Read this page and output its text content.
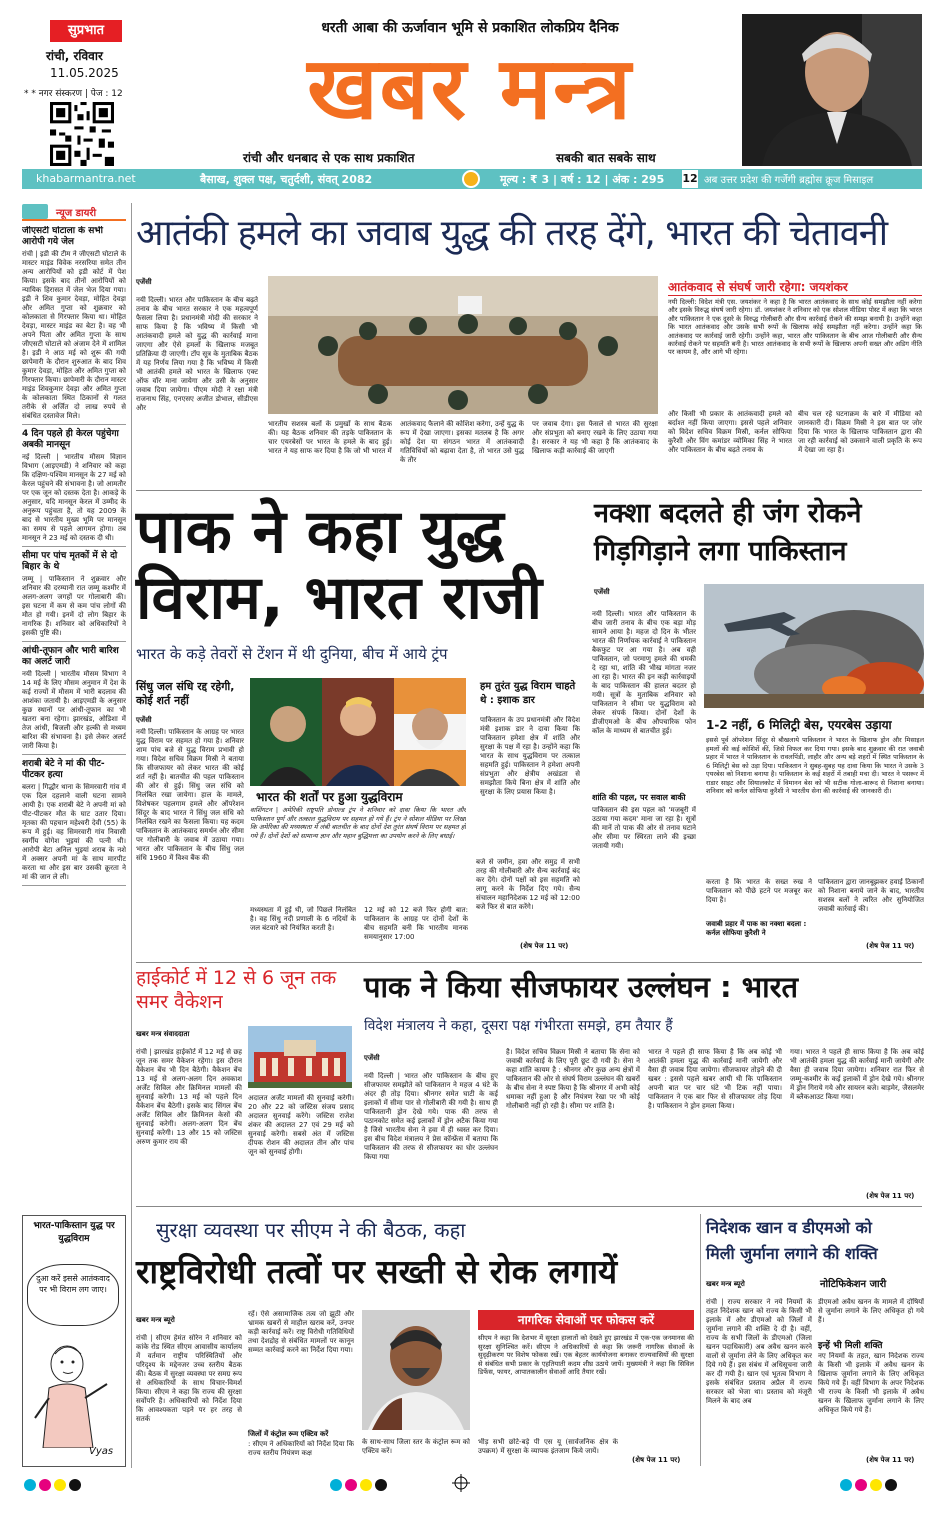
सुप्रभात
रांची, रविवार
11.05.2025
* * नगर संस्करण | पेज : 12
धरती आबा की ऊर्जावान भूमि से प्रकाशित लोकप्रिय दैनिक
खबर मन्त्र
रांची और धनबाद से एक साथ प्रकाशित	सबकी बात सबके साथ
khabarmantra.net	बैसाख, शुक्ल पक्ष, चतुर्दशी, संवत् 2082	मूल्य : ₹ 3 | वर्ष : 12 | अंक : 295 12 अब उत्तर प्रदेश की गर्जेगी ब्रह्मोस क्रूज मिसाइल
न्यूज डायरी
जीएसटी घोटाला के सभी आरोपी गये जेल
रांची | इडी की टीम ने जीएसटी घोटाले के मास्टर माइंड विवेक नरसरिया समेत तीन अन्य आरोपियों को इडी कोर्ट में पेश किया। इसके बाद तीनों आरोपियों को न्यायिक हिरासत में जेल भेज दिया गया। इडी ने शिव कुमार देवड़ा, मोहित देवड़ा और अमित गुप्ता को शुक्रवार को कोलकाता से गिरफ्तार किया था। मोहित देवड़ा, मास्टर माइंड का बेटा है। वह भी अपने पिता और अमित गुप्ता के साथ जीएसटी घोटाले को अंजाम देने में शामिल है। इडी ने आठ मई को शुरू की गयी छापेमारी के दौरान शुरुआत के बाद शिव कुमार देवड़ा, मोहित और अमित गुप्ता को गिरफ्तार किया। छापेमारी के दौरान मास्टर माइंड शिवकुमार देवड़ा और अमित गुप्ता के कोलकाता स्थित ठिकानों से गलत तरीके से अर्जित दो लाख रुपये से संबंधित दस्तावेज मिले।
4 दिन पहले ही केरल पहुंचेगा अबकी मानसून
नई दिल्ली | भारतीय मौसम विज्ञान विभाग (आइएमडी) ने शनिवार को कहा कि दक्षिण-पश्चिम मानसून के 27 मई को केरल पहुंचने की संभावना है। जो आमतौर पर एक जून को दस्तक देता है। आकड़े के अनुसार, यदि मानसून केरल में उम्मीद के अनुरूप पहुंचता है, तो यह 2009 के बाद से भारतीय मुख्य भूमि पर मानसून का समय से पहले आगमन होगा। तब मानसून ने 23 मई को दस्तक दी थी।
सीमा पर पांच मृतकों में से दो बिहार के थे
जम्मू | पाकिस्तान ने शुक्रवार और शनिवार की दरम्यानी रात जम्मू कश्मीर में अलग-अलग जगहों पर गोलाबारी की। इस घटना में कम से कम पांच लोगों की मौत हो गयी। इनमें दो लोग बिहार के नागरिक हैं। शनिवार को अधिकारियों ने इसकी पुष्टि की।
आंधी-तूफान और भारी बारिश का अलर्ट जारी
नयी दिल्ली | भारतीय मौसम विभाग ने 14 मई के लिए मौसम अनुमान में देश के कई राज्यों में मौसम में भारी बदलाव की आशंका जतायी है। आइएमडी के अनुसार कुछ स्थानों पर आंधी-तूफान का भी खतरा बना रहेगा। झारखंड, ओडिशा में तेज आंधी, बिजली और हल्की से मध्यम बारिश की संभावना है। इसे लेकर अलर्ट जारी किया है।
शराबी बेटे ने मां की पीट-पीटकर हत्या
बलरा | गिद्धौर थाना के सिमरवारी गांव में एक दिल दहलाने वाली घटना सामने आयी है। एक शराबी बेटे ने अपनी मां को पीट-पीटकर मौत के घाट उतार दिया। मृतका की पहचान महेश्वरी देवी (55) के रूप में हुई। वह सिमरवारी गांव निवासी स्वर्गीय योगेश भुइयां की पत्नी थी। आरोपी बेटा अनिल भुइयां शराब के नशे में अक्सर अपनी मां के साथ मारपीट करता था और इस बार उसकी क्रूरता ने मां की जान ले ली।
भारत-पाकिस्तान युद्ध पर युद्धविराम
दुआ करें इससे आतंकवाद पर भी विराम लग जाए।
Vyas
आतंकी हमले का जवाब युद्ध की तरह देंगे, भारत की चेतावनी
एजेंसी
नयी दिल्ली। भारत और पाकिस्तान के बीच बढ़ते तनाव के बीच भारत सरकार ने एक महत्वपूर्ण फैसला लिया है। प्रधानमंत्री मोदी की सरकार ने साफ किया है कि भविष्य में किसी भी आतंकवादी हमले को युद्ध की कार्रवाई माना जाएगा और ऐसे हमलों के खिलाफ मजबूत प्रतिक्रिया दी जाएगी। टॉप सूत्र के मुताबिक बैठक में यह निर्णय लिया गया है कि भविष्य में किसी भी आतंकी हमले को भारत के खिलाफ एक्ट ऑफ वॉर माना जायेगा और उसी के अनुसार जवाब दिया जायेगा। पीएम मोदी ने रक्षा मंत्री राजनाथ सिंह, एनएसए अजीत डोभाल, सीडीएस और
भारतीय सशस्त्र बलों के प्रमुखों के साथ बैठक की। यह बैठक शनिवार की तड़के पाकिस्तान के चार एयरबेसों पर भारत के हमले के बाद हुई। भारत ने यह साफ कर दिया है कि जो भी भारत में
आतंकवाद फैलाने की कोशिश करेगा, उन्हें युद्ध के रूप में देखा जाएगा। इसका मतलब है कि अगर कोई देश या संगठन भारत में आतंकवादी गतिविधियों को बढ़ावा देता है, तो भारत उसे युद्ध के तौर
पर जवाब देगा। इस फैसले से भारत की सुरक्षा और संप्रभुता को बनाए रखने के लिए उठाया गया है। सरकार ने यह भी कहा है कि आतंकवाद के खिलाफ कड़ी कार्रवाई की जाएगी
आतंकवाद से संघर्ष जारी रहेगा: जयशंकर
नयी दिल्ली: विदेश मंत्री एस. जयशंकर ने कहा है कि भारत आतंकवाद के साथ कोई समझौता नहीं करेगा और इसके विरुद्ध संघर्ष जारी रहेगा। डॉ. जयशंकर ने शनिवार को एक सोशल मीडिया पोस्ट में कहा कि भारत और पाकिस्तान ने एक दूसरे के विरुद्ध गोलीबारी और सैन्य कार्रवाई रोकने की समझ बनायी है। उन्होंने कहा कि भारत आतंकवाद और उसके सभी रूपों के खिलाफ कोई समझौता नहीं करेगा। उन्होंने कहा कि आतंकवाद पर कार्रवाई जारी रहेगी। उन्होंने कहा, भारत और पाकिस्तान के बीच आज गोलीबारी और सैन्य कार्रवाई रोकने पर सहमति बनी है। भारत आतंकवाद के सभी रूपों के खिलाफ अपनी सख्त और अडिग नीति पर कायम है, और आगे भी रहेगा।
और किसी भी प्रकार के आतंकवादी हमले को बर्दाश्त नहीं किया जाएगा। इससे पहले शनिवार को विदेश सचिव विक्रम मिस्री, कर्नल सोफिया कुरैशी और विंग कमांडर व्योमिका सिंह ने भारत और पाकिस्तान के बीच बढ़ते तनाव के
बीच चल रहे घटनाक्रम के बारे में मीडिया को जानकारी दी। विक्रम मिस्री ने इस बात पर जोर दिया कि भारत के खिलाफ पाकिस्तान द्वारा की जा रही कार्रवाई को उकसाने वाली प्रकृति के रूप में देखा जा रहा है।
पाक ने कहा युद्ध
विराम, भारत राजी
भारत के कड़े तेवरों से टेंशन में थी दुनिया, बीच में आये ट्रंप
सिंधु जल संधि रद्द रहेगी, कोई शर्त नहीं
एजेंसी
नयी दिल्ली। पाकिस्तान के आग्रह पर भारत युद्ध विराम पर सहमत हो गया है। शनिवार शाम पांच बजे से युद्ध विराम प्रभावी हो गया। विदेश सचिव विक्रम मिस्री ने बताया कि सीजफायर को लेकर भारत की कोई शर्त नहीं है। बातचीत की पहल पाकिस्तान की ओर से हुई। सिंधु जल संधि को निलंबित रखा जायेगा। हाल के मामले, विशेषकर पहलगाम हमले और ऑपरेशन सिंदूर के बाद भारत ने सिंधु जल संधि को निलंबित रखने का फैसला किया। यह कदम पाकिस्तान के आतंकवाद समर्थन और सीमा पर गोलीबारी के जवाब में उठाया गया। भारत और पाकिस्तान के बीच सिंधु जल संधि 1960 में विश्व बैंक की
भारत की शर्तों पर हुआ युद्धविराम
वाशिंगटन | अमेरिकी राष्ट्रपति डोनाल्ड ट्रंप ने शनिवार को दावा किया कि भारत और पाकिस्तान पूर्ण और तत्काल युद्धविराम पर सहमत हो गये हैं। ट्रंप ने सोशल मीडिया पर लिखा कि अमेरिका की मध्यस्थता में लंबी बातचीत के बाद दोनों देश तुरंत संघर्ष विराम पर सहमत हो गये हैं। दोनों देशों को सामान्य ज्ञान और महान बुद्धिमत्ता का उपयोग करने के लिए बधाई।
हम तुरंत युद्ध विराम चाहते थे : इशाक डार
पाकिस्तान के उप प्रधानमंत्री और विदेश मंत्री इशाक डार ने दावा किया कि पाकिस्तान हमेशा क्षेत्र में शांति और सुरक्षा के पक्ष में रहा है। उन्होंने कहा कि भारत के साथ युद्धविराम पर तत्काल सहमति हुई। पाकिस्तान ने हमेशा अपनी संप्रभुता और क्षेत्रीय अखंडता से समझौता किये बिना क्षेत्र में शांति और सुरक्षा के लिए प्रयास किया है।
मध्यस्थता में हुई थी, जो पिछले निलंबित है। वह सिंधु नदी प्रणाली के 6 नदियों के जल बंटवारे को नियंत्रित करती है।
12 मई को 12 बजे फिर होगी बात: पाकिस्तान के आग्रह पर दोनों देशों के बीच सहमति बनी कि भारतीय मानक समयानुसार 17:00
बजे से जमीन, हवा और समुद्र में सभी तरह की गोलीबारी और सैन्य कार्रवाई बंद कर देंगे। दोनों पक्षों को इस सहमति को लागू करने के निर्देश दिए गये। सैन्य संचालन महानिदेशक 12 मई को 12:00 बजे फिर से बात करेंगे।
(शेष पेज 11 पर)
नक्शा बदलते ही जंग रोकने
गिड़गिड़ाने लगा पाकिस्तान
एजेंसी
नयी दिल्ली। भारत और पाकिस्तान के बीच जारी तनाव के बीच एक बड़ा मोड़ सामने आया है। महज दो दिन के भीतर भारत की निर्णायक कार्रवाई ने पाकिस्तान बैकफुट पर आ गया है। अब वही पाकिस्तान, जो परमाणु हमले की धमकी दे रहा था, शांति की भीख मांगता नजर आ रहा है। भारत की इन कड़ी कार्रवाइयों के बाद पाकिस्तान की हालत बदतर हो गयी। सूत्रों के मुताबिक शनिवार को पाकिस्तान ने सीमा पर युद्धविराम को लेकर संपर्क किया। दोनों देशों के डीजीएमओ के बीच औपचारिक फोन कॉल के माध्यम से बातचीत हुई।
शांति की पहल, पर सवाल बाकी
पाकिस्तान की इस पहल को 'मजबूरी में उठाया गया कदम' माना जा रहा है। सूत्रों की मानें तो पाक की ओर से तनाव घटाने और सीमा पर स्थिरता लाने की इच्छा जतायी गयी।
1-2 नहीं, 6 मिलिट्री बेस, एयरबेस उड़ाया
इससे पूर्व ऑपरेशन सिंदूर से बौखलाये पाकिस्तान ने भारत के खिलाफ ड्रोन और मिसाइल हमलों की कई कोशिशें कीं, जिसे विफल कर दिया गया। इसके बाद शुक्रवार की रात जवाबी प्रहार में भारत ने पाकिस्तान के रावलपिंडी, लाहौर और अन्य बड़े शहरों में स्थित पाकिस्तान के 6 मिलिट्री बेस को उड़ा दिया। पाकिस्तान ने सुबह-सुबह यह दावा किया कि भारत ने उसके 3 एयरबेस को निशाना बनाया है। पाकिस्तान के कई शहरों में तबाही मचा दी। भारत ने पसरूर में राडार साइट और सियालकोट में विमानन बेस को भी सटीक गोला-बारूद से निशाना बनाया। शनिवार को कर्नल सोफिया कुरैशी ने भारतीय सेना की कार्रवाई की जानकारी दी।
करता है कि भारत के सख्त रुख ने पाकिस्तान को पीछे हटने पर मजबूर कर दिया है।
जवाबी प्रहार में पाक का नक्शा बदला : कर्नल सोफिया कुरैशी ने
पाकिस्तान द्वारा जानबूझकर हवाई ठिकानों को निशाना बनाये जाने के बाद, भारतीय सशस्त्र बलों ने त्वरित और सुनियोजित जवाबी कार्रवाई की।
(शेष पेज 11 पर)
हाईकोर्ट में 12 से 6 जून तक समर वैकेशन
खबर मन्त्र संवाददाता
रांची | झारखंड हाईकोर्ट में 12 मई से छह जून तक समर वैकेशन रहेगा। इस दौरान वैकेशन बेंच भी दिन बैठेगी। वैकेशन बेंच 13 मई से अलग-अलग दिन अवकाश अर्जेंट सिविल और क्रिमिनल मामलों की सुनवाई करेगी। 13 मई को पहले दिन वैकेशन बेंच बैठेगी। इसके बाद सिंगल बेंच अर्जेंट सिविल और क्रिमिनल केसों की सुनवाई करेगी। अलग-अलग दिन बेंच सुनवाई करेगी। 13 और 15 को जस्टिस अरुण कुमार राय की
अदालत अर्जेंट मामलों की सुनवाई करेगी। 20 और 22 को जस्टिस संजय प्रसाद अदालत सुनवाई करेंगे। जस्टिस राजेश शंकर की अदालत 27 एवं 29 मई को सुनवाई करेगी। सबसे अंत में जस्टिस दीपक रोशन की अदालत तीन और पांच जून को सुनवाई होगी।
पाक ने किया सीजफायर उल्लंघन : भारत
विदेश मंत्रालय ने कहा, दूसरा पक्ष गंभीरता समझे, हम तैयार हैं
एजेंसी
नयी दिल्ली | भारत और पाकिस्तान के बीच हुए सीजफायर समझौते को पाकिस्तान ने महज 4 घंटे के अंदर ही तोड़ दिया। श्रीनगर समेत घाटी के कई इलाकों में सीमा पार से गोलीबारी की गयी है। साथ ही पाकिस्तानी ड्रोन देखे गये। पाक की तरफ से पठानकोट समेत कई इलाकों में ड्रोन अटैक किया गया है जिसे भारतीय सेना ने हवा में ही ध्वस्त कर दिया। इस बीच विदेश मंत्रालय ने प्रेस कॉन्फ्रेंस में बताया कि पाकिस्तान की तरफ से सीजफायर का घोर उल्लंघन किया गया
है। विदेश सचिव विक्रम मिस्री ने बताया कि सेना को जवाबी कार्रवाई के लिए पूरी छूट दी गयी है। सेना ने कहा शांति कायम है : श्रीनगर और कुछ अन्य क्षेत्रों में पाकिस्तान की ओर से संघर्ष विराम उल्लंघन की खबरों के बीच सेना ने स्पष्ट किया है कि श्रीनगर में अभी कोई धमाका नहीं हुआ है और नियंत्रण रेखा पर भी कोई गोलीबारी नहीं हो रही है। सीमा पर शांति है।
भारत ने पहले ही साफ किया है कि अब कोई भी आतंकी हमला युद्ध की कार्रवाई मानी जायेगी और वैसा ही जवाब दिया जायेगा। सीजफायर तोड़ने की दी खबर : इससे पहले खबर आयी थी कि पाकिस्तान अपनी बात पर चार घंटे भी टिक नहीं पाया। पाकिस्तान ने एक बार फिर से सीजफायर तोड़ दिया है। पाकिस्तान ने ड्रोन हमला किया।
गया। भारत ने पहले ही साफ किया है कि अब कोई भी आतंकी हमला युद्ध की कार्रवाई मानी जायेगी और वैसा ही जवाब दिया जायेगा। शनिवार रात फिर से जम्मू-कश्मीर के कई इलाकों में ड्रोन देखे गये। श्रीनगर में ड्रोन गिराये गये और सायरन बजे। बाड़मेर, जैसलमेर में ब्लैकआउट किया गया।
(शेष पेज 11 पर)
सुरक्षा व्यवस्था पर सीएम ने की बैठक, कहा
राष्ट्रविरोधी तत्वों पर सख्ती से रोक लगायें
खबर मन्त्र ब्यूरो
रांची | सीएम हेमंत सोरेन ने शनिवार को कांके रोड स्थित सीएम आवासीय कार्यालय में वर्तमान राष्ट्रीय परिस्थितियों और परिदृश्य के मद्देनजर उच्च स्तरीय बैठक की। बैठक में सुरक्षा व्यवस्था पर समग्र रूप से अधिकारियों के साथ विचार-विमर्श किया। सीएम ने कहा कि राज्य की सुरक्षा सर्वोपरि है। अधिकारियों को निर्देश दिया कि आवश्यकता पड़ने पर हर तरह से सतर्क
रहें। ऐसे असामाजिक तत्व जो झूठी और भ्रामक खबरों से माहौल खराब करें, उनपर कड़ी कार्रवाई करें। राष्ट्र विरोधी गतिविधियों तथा देशद्रोह से संबंधित मामलों पर कानून सम्मत कार्रवाई करने का निर्देश दिया गया।
जिलों में कंट्रोल रूम एक्टिव करें
: सीएम ने अधिकारियों को निर्देश दिया कि राज्य स्तरीय नियंत्रण कक्ष
के साथ-साथ जिला स्तर के कंट्रोल रूम को एक्टिव करें।
नागरिक सेवाओं पर फोकस करें
सीएम ने कहा कि देशभर में सुरक्षा हालातों को देखते हुए झारखंड में एक-एक जनमानस की सुरक्षा सुनिश्चित करें। सीएम ने अधिकारियों से कहा कि जरूरी नागरिक सेवाओं के सुदृढ़ीकरण पर विशेष फोकस रखें। एक बेहतर कार्ययोजना बनाकर राज्यवासियों की सुरक्षा से संबंधित सभी प्रकार के एहतियाती कदम शीघ्र उठाये जायें। मुख्यमंत्री ने कहा कि सिविल डिफेंस, फायर, आपातकालीन सेवाओं आदि तैयार रखें।
भीड़ सभी छोटे-बड़े पी एस यू (सार्वजनिक क्षेत्र के उपक्रम) में सुरक्षा के व्यापक इंतजाम किये जायें।
(शेष पेज 11 पर)
निदेशक खान व डीएमओ को
मिली जुर्माना लगाने की शक्ति
खबर मन्त्र ब्यूरो	नोटिफिकेशन जारी
रांची | राज्य सरकार ने नये नियमों के तहत निदेशक खान को राज्य के किसी भी इलाके में और डीएमओ को जिलों में जुर्माना लगाने की शक्ति दे दी है। वहीं, राज्य के सभी जिलों के डीएमओ (जिला खनन पदाधिकारी) अब अवैध खनन करने वालों से जुर्माना लेने के लिए अधिकृत कर दिये गये हैं। इस संबंध में अधिसूचना जारी कर दी गयी है। खान एवं भूतत्व विभाग ने इसके संबंधित प्रस्ताव अप्रैल में राज्य सरकार को भेजा था। प्रस्ताव को मंजूरी मिलने के बाद अब
डीएमओ अवैध खनन के मामले में दोषियों से जुर्माना लगाने के लिए अधिकृत हो गये हैं।
इन्हें भी मिली शक्ति
नए नियमों के तहत, खान निदेशक राज्य के किसी भी इलाके में अवैध खनन के खिलाफ जुर्माना लगाने के लिए अधिकृत किये गये हैं। वहीं विभाग के अपर निदेशक भी राज्य के किसी भी इलाके में अवैध खनन के खिलाफ जुर्माना लगाने के लिए अधिकृत किये गये हैं।
(शेष पेज 11 पर)
